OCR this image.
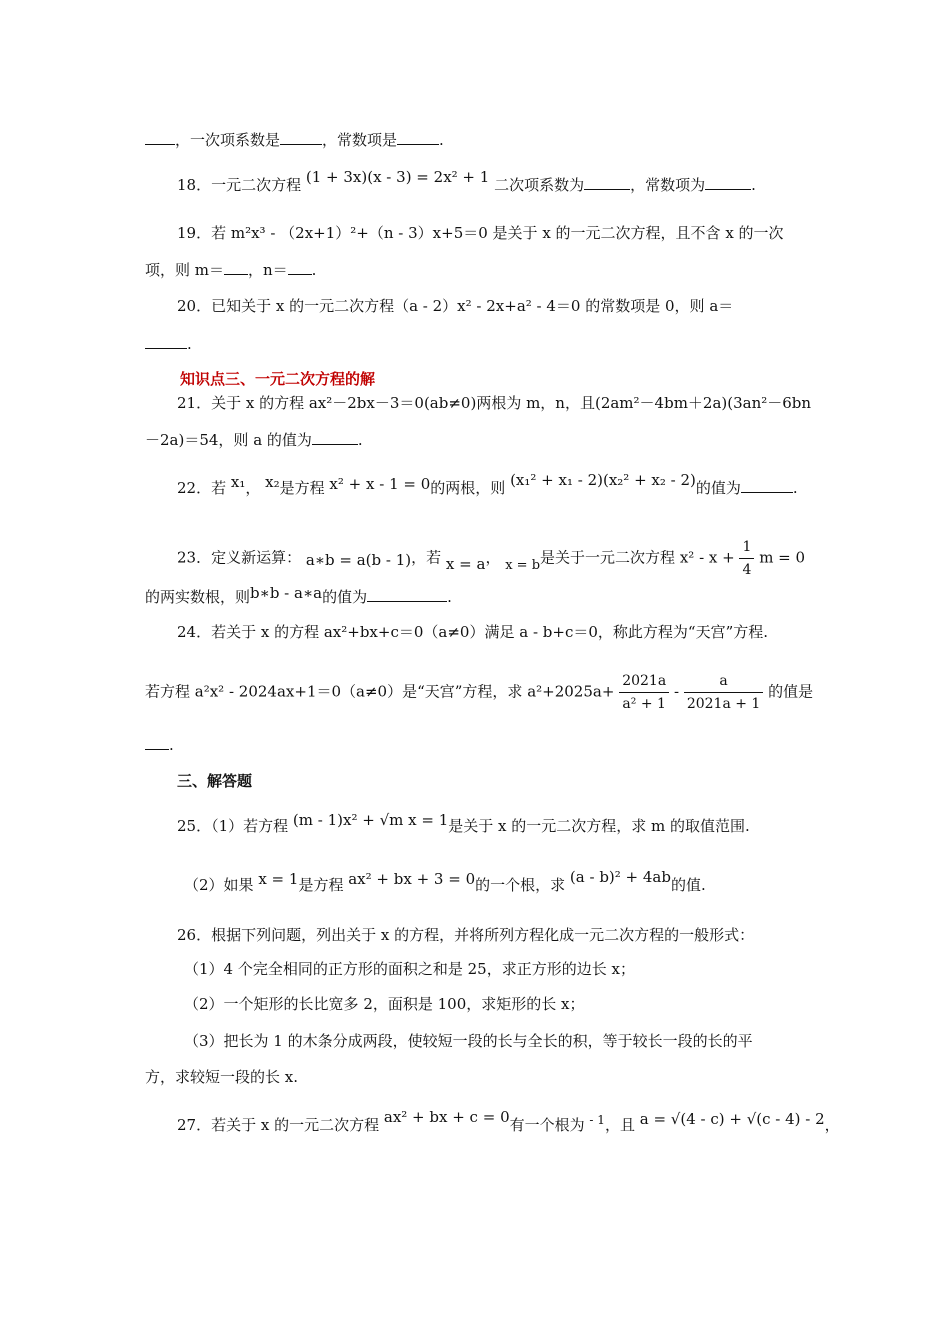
，一次项系数是	，常数项是	.
18．一元二次方程 (1 + 3x)(x - 3) = 2x² + 1 二次项系数为	，常数项为	.
19．若 m²x³ - （2x+1）²+（n - 3）x+5＝0 是关于 x 的一元二次方程，且不含 x 的一次
项，则 m＝ ，n＝ .
20．已知关于 x 的一元二次方程（a - 2）x² - 2x+a² - 4＝0 的常数项是 0，则 a＝
.
知识点三、一元二次方程的解
21．关于 x 的方程 ax²－2bx－3＝0(ab≠0)两根为 m，n，且(2am²－4bm＋2a)(3an²－6bn
－2a)＝54，则 a 的值为	.
22．若 x₁， x₂是方程 x² + x - 1 = 0的两根，则 (x₁² + x₁ - 2)(x₂² + x₂ - 2)的值为	.
23．定义新运算： a∗b = a(b - 1)，若 x = a， x = b是关于一元二次方程 $x^2 - x + \frac{1}{4}$ m = 0
的两实数根，则b∗b - a∗a的值为	.
24．若关于 x 的方程 ax²+bx+c＝0（a≠0）满足 a - b+c＝0，称此方程为“天宫”方程.
若方程 a²x² - 2024ax+1＝0（a≠0）是“天宫”方程，求 $a^2+2025a+ \frac{2021a}{\text{a² + 1}} - \frac{a}{2021a + 1}$ 的值是
.
三、解答题
25．（1）若方程 (m - 1)x² + √m x = 1是关于 x 的一元二次方程，求 m 的取值范围.
（2）如果 x = 1是方程 ax² + bx + 3 = 0的一个根，求 (a - b)² + 4ab的值.
26．根据下列问题，列出关于 x 的方程，并将所列方程化成一元二次方程的一般形式：
（1）4 个完全相同的正方形的面积之和是 25，求正方形的边长 x；
（2）一个矩形的长比宽多 2，面积是 100，求矩形的长 x；
（3）把长为 1 的木条分成两段，使较短一段的长与全长的积，等于较长一段的长的平
方，求较短一段的长 x.
27．若关于 x 的一元二次方程 ax² + bx + c = 0有一个根为 $^{- 1}$，且 a = √(4 - c) + √(c - 4) - 2，
